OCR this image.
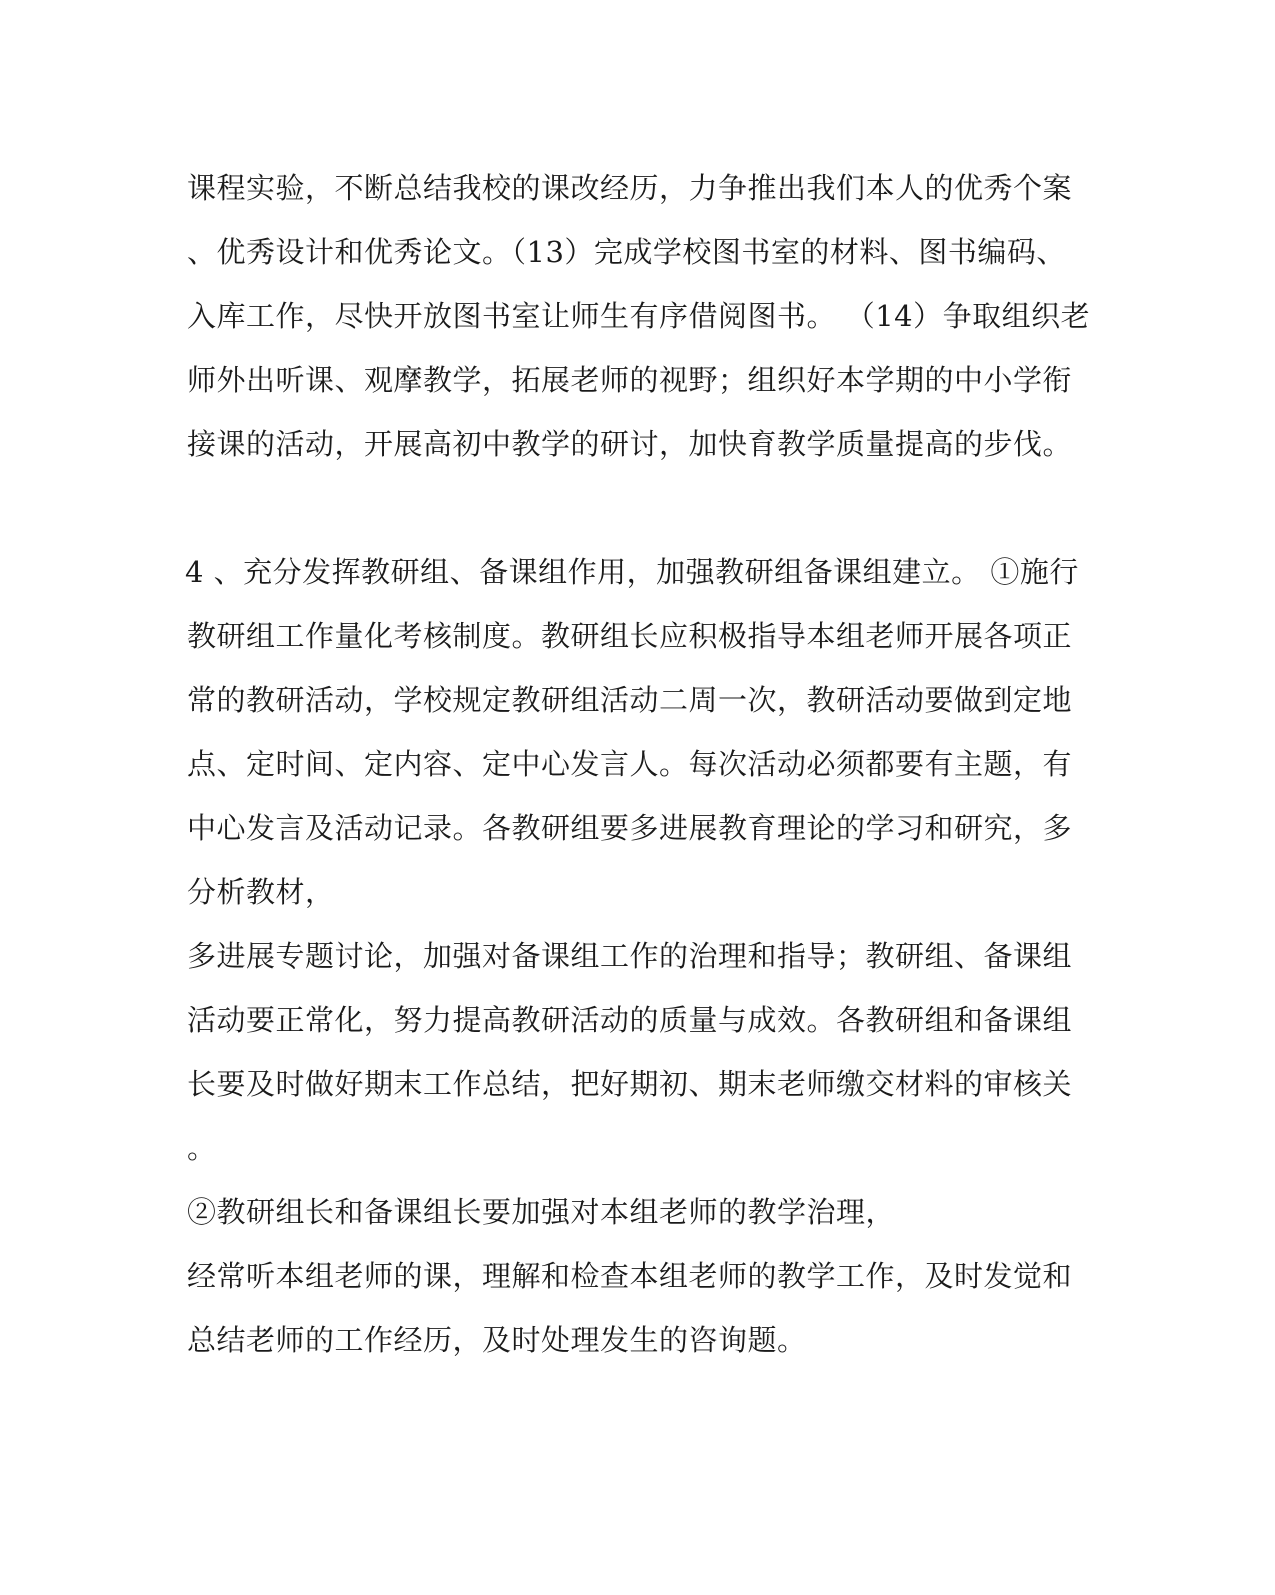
课程实验，不断总结我校的课改经历，力争推出我们本人的优秀个案
、优秀设计和优秀论文。（13）完成学校图书室的材料、图书编码、
入库工作，尽快开放图书室让师生有序借阅图书。 （14）争取组织老
师外出听课、观摩教学，拓展老师的视野；组织好本学期的中小学衔
接课的活动，开展高初中教学的研讨，加快育教学质量提高的步伐。
4 、充分发挥教研组、备课组作用，加强教研组备课组建立。 ①施行
教研组工作量化考核制度。教研组长应积极指导本组老师开展各项正
常的教研活动，学校规定教研组活动二周一次，教研活动要做到定地
点、定时间、定内容、定中心发言人。每次活动必须都要有主题，有
中心发言及活动记录。各教研组要多进展教育理论的学习和研究，多
分析教材，
多进展专题讨论，加强对备课组工作的治理和指导；教研组、备课组
活动要正常化，努力提高教研活动的质量与成效。各教研组和备课组
长要及时做好期末工作总结，把好期初、期末老师缴交材料的审核关
。
②教研组长和备课组长要加强对本组老师的教学治理，
经常听本组老师的课，理解和检查本组老师的教学工作，及时发觉和
总结老师的工作经历，及时处理发生的咨询题。
